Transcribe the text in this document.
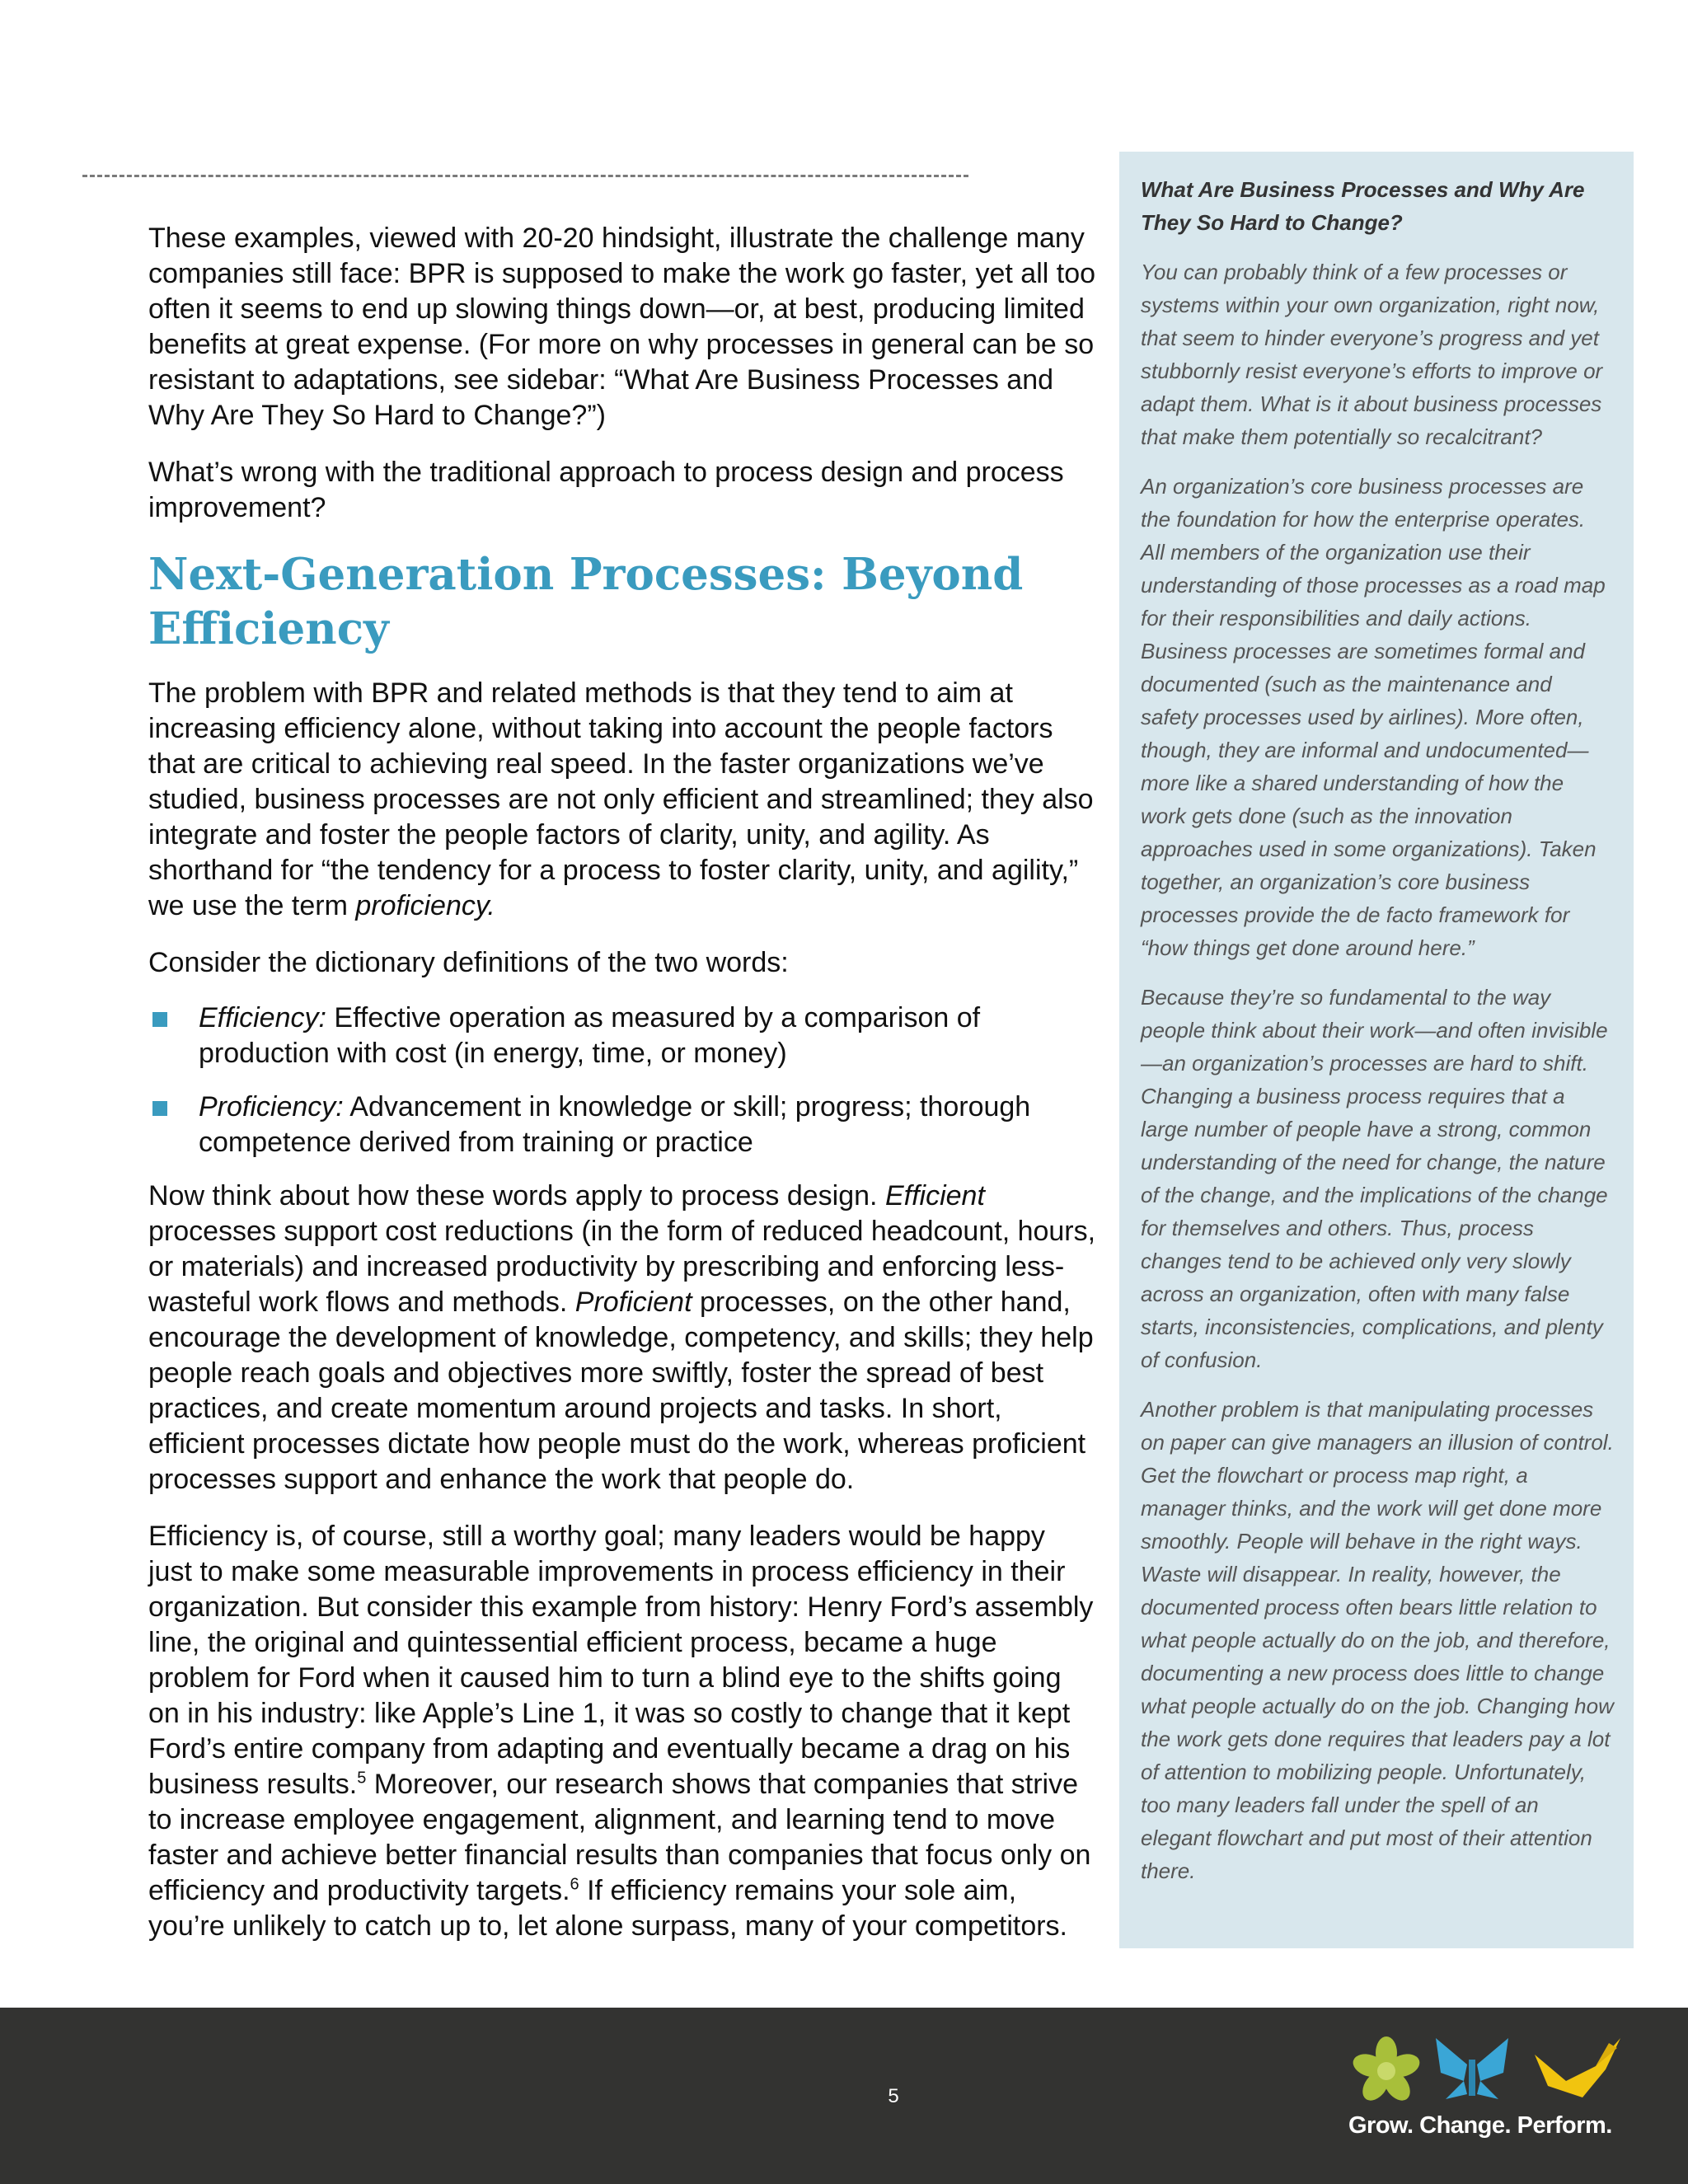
These examples, viewed with 20-20 hindsight, illustrate the challenge many companies still face: BPR is supposed to make the work go faster, yet all too often it seems to end up slowing things down—or, at best, producing limited benefits at great expense. (For more on why processes in general can be so resistant to adaptations, see sidebar: “What Are Business Processes and Why Are They So Hard to Change?”)

What’s wrong with the traditional approach to process design and process improvement?

Next-Generation Processes: Beyond Efficiency

The problem with BPR and related methods is that they tend to aim at increasing efficiency alone, without taking into account the people factors that are critical to achieving real speed. In the faster organizations we’ve studied, business processes are not only efficient and streamlined; they also integrate and foster the people factors of clarity, unity, and agility. As shorthand for “the tendency for a process to foster clarity, unity, and agility,” we use the term proficiency.

Consider the dictionary definitions of the two words:

Efficiency: Effective operation as measured by a comparison of production with cost (in energy, time, or money)
Proficiency: Advancement in knowledge or skill; progress; thorough competence derived from training or practice

Now think about how these words apply to process design. Efficient processes support cost reductions (in the form of reduced headcount, hours, or materials) and increased productivity by prescribing and enforcing less-wasteful work flows and methods. Proficient processes, on the other hand, encourage the development of knowledge, competency, and skills; they help people reach goals and objectives more swiftly, foster the spread of best practices, and create momentum around projects and tasks. In short, efficient processes dictate how people must do the work, whereas proficient processes support and enhance the work that people do.

Efficiency is, of course, still a worthy goal; many leaders would be happy just to make some measurable improvements in process efficiency in their organization. But consider this example from history: Henry Ford’s assembly line, the original and quintessential efficient process, became a huge problem for Ford when it caused him to turn a blind eye to the shifts going on in his industry: like Apple’s Line 1, it was so costly to change that it kept Ford’s entire company from adapting and eventually became a drag on his business results.$^5$ Moreover, our research shows that companies that strive to increase employee engagement, alignment, and learning tend to move faster and achieve better financial results than companies that focus only on efficiency and productivity targets.$^6$ If efficiency remains your sole aim, you’re unlikely to catch up to, let alone surpass, many of your competitors.

What Are Business Processes and Why Are They So Hard to Change?

You can probably think of a few processes or systems within your own organization, right now, that seem to hinder everyone’s progress and yet stubbornly resist everyone’s efforts to improve or adapt them. What is it about business processes that make them potentially so recalcitrant?

An organization’s core business processes are the foundation for how the enterprise operates. All members of the organization use their understanding of those processes as a road map for their responsibilities and daily actions. Business processes are sometimes formal and documented (such as the maintenance and safety processes used by airlines). More often, though, they are informal and undocumented—more like a shared understanding of how the work gets done (such as the innovation approaches used in some organizations). Taken together, an organization’s core business processes provide the de facto framework for “how things get done around here.”

Because they’re so fundamental to the way people think about their work—and often invisible—an organization’s processes are hard to shift. Changing a business process requires that a large number of people have a strong, common understanding of the need for change, the nature of the change, and the implications of the change for themselves and others. Thus, process changes tend to be achieved only very slowly across an organization, often with many false starts, inconsistencies, complications, and plenty of confusion.

Another problem is that manipulating processes on paper can give managers an illusion of control. Get the flowchart or process map right, a manager thinks, and the work will get done more smoothly. People will behave in the right ways. Waste will disappear. In reality, however, the documented process often bears little relation to what people actually do on the job, and therefore, documenting a new process does little to change what people actually do on the job. Changing how the work gets done requires that leaders pay a lot of attention to mobilizing people. Unfortunately, too many leaders fall under the spell of an elegant flowchart and put most of their attention there.

5
Grow. Change. Perform.
